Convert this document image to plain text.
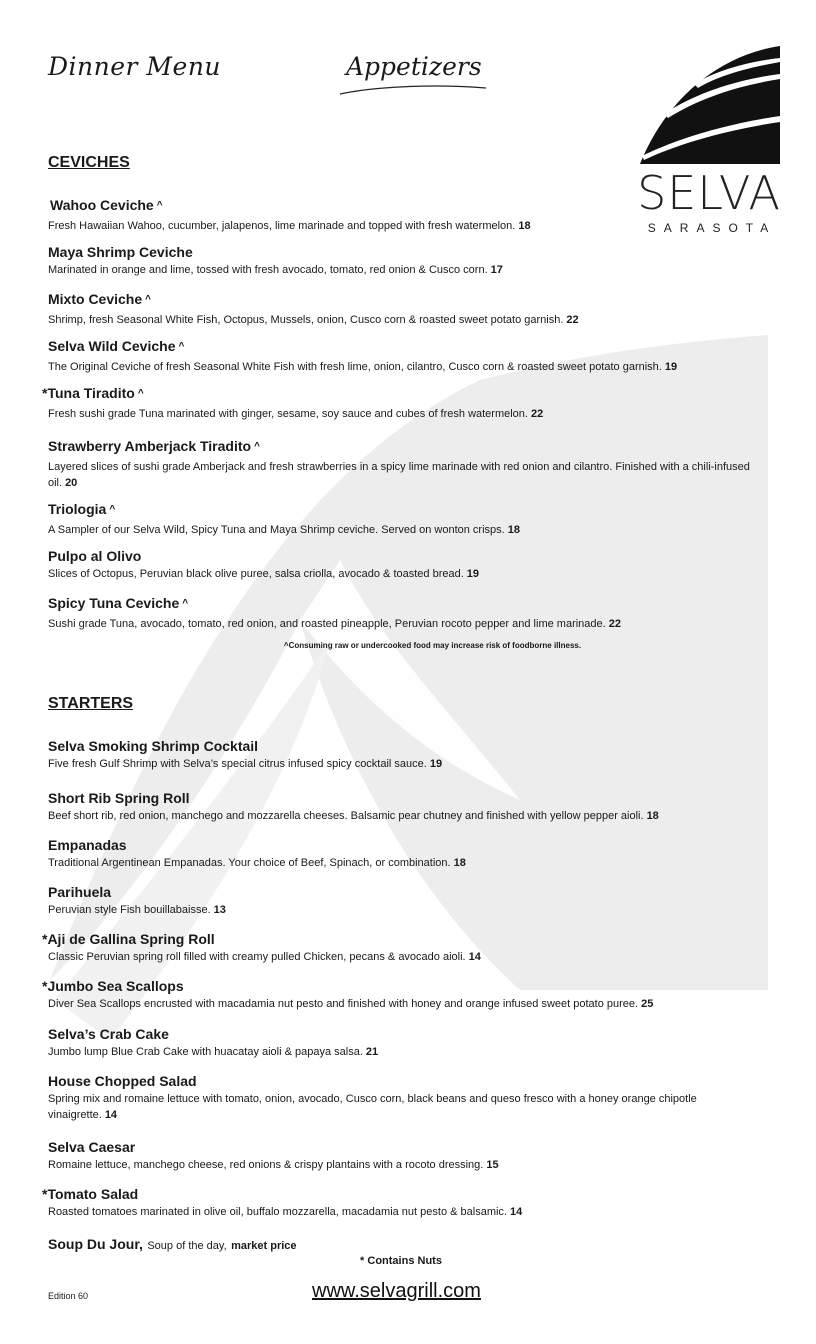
Dinner Menu	Appetizers
SELVA
SARASOTA
CEVICHES
Wahoo Ceviche ^
Fresh Hawaiian Wahoo, cucumber, jalapenos, lime marinade and topped with fresh watermelon. 18
Maya Shrimp Ceviche
Marinated in orange and lime, tossed with fresh avocado, tomato, red onion & Cusco corn. 17
Mixto Ceviche ^
Shrimp, fresh Seasonal White Fish, Octopus, Mussels, onion, Cusco corn & roasted sweet potato garnish. 22
Selva Wild Ceviche ^
The Original Ceviche of fresh Seasonal White Fish with fresh lime, onion, cilantro, Cusco corn & roasted sweet potato garnish. 19
*Tuna Tiradito ^
Fresh sushi grade Tuna marinated with ginger, sesame, soy sauce and cubes of fresh watermelon. 22
Strawberry Amberjack Tiradito ^
Layered slices of sushi grade Amberjack and fresh strawberries in a spicy lime marinade with red onion and cilantro. Finished with a chili-infused oil. 20
Triologia ^
A Sampler of our Selva Wild, Spicy Tuna and Maya Shrimp ceviche. Served on wonton crisps. 18
Pulpo al Olivo
Slices of Octopus, Peruvian black olive puree, salsa criolla, avocado & toasted bread. 19
Spicy Tuna Ceviche ^
Sushi grade Tuna, avocado, tomato, red onion, and roasted pineapple, Peruvian rocoto pepper and lime marinade. 22
^Consuming raw or undercooked food may increase risk of foodborne illness.
STARTERS
Selva Smoking Shrimp Cocktail
Five fresh Gulf Shrimp with Selva’s special citrus infused spicy cocktail sauce. 19
Short Rib Spring Roll
Beef short rib, red onion, manchego and mozzarella cheeses. Balsamic pear chutney and finished with yellow pepper aioli. 18
Empanadas
Traditional Argentinean Empanadas. Your choice of Beef, Spinach, or combination. 18
Parihuela
Peruvian style Fish bouillabaisse. 13
*Aji de Gallina Spring Roll
Classic Peruvian spring roll filled with creamy pulled Chicken, pecans & avocado aioli. 14
*Jumbo Sea Scallops
Diver Sea Scallops encrusted with macadamia nut pesto and finished with honey and orange infused sweet potato puree. 25
Selva’s Crab Cake
Jumbo lump Blue Crab Cake with huacatay aioli & papaya salsa. 21
House Chopped Salad
Spring mix and romaine lettuce with tomato, onion, avocado, Cusco corn, black beans and queso fresco with a honey orange chipotle vinaigrette. 14
Selva Caesar
Romaine lettuce, manchego cheese, red onions & crispy plantains with a rocoto dressing. 15
*Tomato Salad
Roasted tomatoes marinated in olive oil, buffalo mozzarella, macadamia nut pesto & balsamic. 14
Soup Du Jour, Soup of the day, market price
* Contains Nuts
Edition 60	www.selvagrill.com
